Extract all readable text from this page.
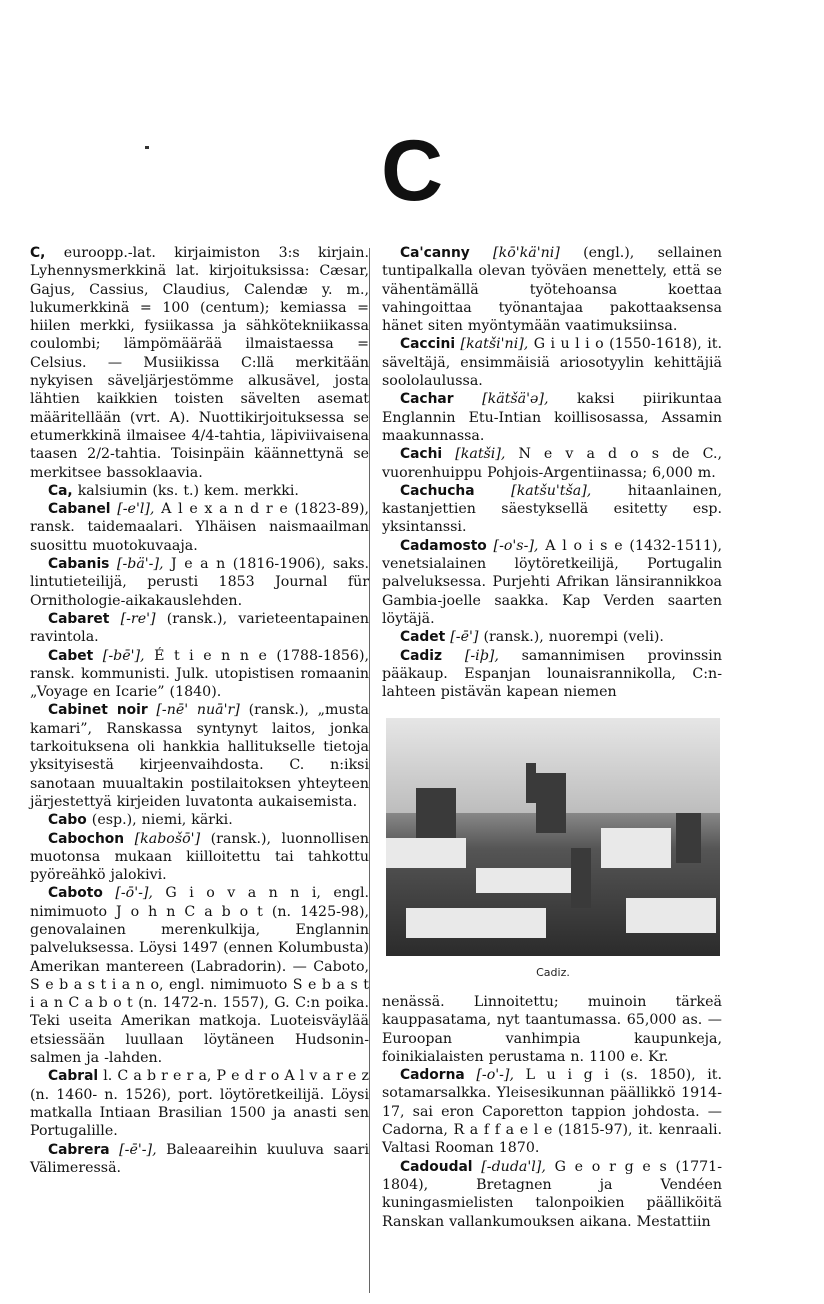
C

C, euroopp.-lat. kirjaimiston 3:s kirjain. Lyhennysmerkkinä lat. kirjoituksissa: Cæsar, Gajus, Cassius, Claudius, Calendæ y. m., lukumerkkinä = 100 (centum); kemiassa = hiilen merkki, fysiikassa ja sähkötekniikassa coulombi; lämpömäärää ilmaistaessa = Celsius. — Musiikissa C:llä merkitään nykyisen säveljärjestömme alkusävel, josta lähtien kaikkien toisten sävelten asemat määritellään (vrt. A). Nuottikirjoituksessa se etumerkkinä ilmaisee 4/4-tahtia, läpiviivaisena taasen 2/2-tahtia. Toisinpäin käännettynä se merkitsee bassoklaavia.

Ca, kalsiumin (ks. t.) kem. merkki.

Cabanel [-e'l], A l e x a n d r e (1823-89), ransk. taidemaalari. Ylhäisen naismaailman suosittu muotokuvaaja.

Cabanis [-bä'-], J e a n (1816-1906), saks. lintutieteilijä, perusti 1853 Journal für Ornithologie-aikakauslehden.

Cabaret [-re'] (ransk.), varieteentapainen ravintola.

Cabet [-bē'], É t i e n n e (1788-1856), ransk. kommunisti. Julk. utopistisen romaanin „Voyage en Icarie” (1840).

Cabinet noir [-nē' nuā'r] (ransk.), „musta kamari”, Ranskassa syntynyt laitos, jonka tarkoituksena oli hankkia hallitukselle tietoja yksityisestä kirjeenvaihdosta. C. n:iksi sanotaan muualtakin postilaitoksen yhteyteen järjestettyä kirjeiden luvatonta aukaisemista.

Cabo (esp.), niemi, kärki.

Cabochon [kabošō'] (ransk.), luonnollisen muotonsa mukaan kiilloitettu tai tahkottu pyöreähkö jalokivi.

Caboto [-ō'-], G i o v a n n i, engl. nimimuoto J o h n C a b o t (n. 1425-98), genovalainen merenkulkija, Englannin palveluksessa. Löysi 1497 (ennen Kolumbusta) Amerikan mantereen (Labradorin). — Caboto, S e b a s t i a n o, engl. nimimuoto S e b a s t i a n C a b o t (n. 1472-n. 1557), G. C:n poika. Teki useita Amerikan matkoja. Luoteisväylää etsiessään luullaan löytäneen Hudsonin-salmen ja -lahden.

Cabral l. C a b r e r a, P e d r o A l v a r e z (n. 1460- n. 1526), port. löytöretkeilijä. Löysi matkalla Intiaan Brasilian 1500 ja anasti sen Portugalille.

Cabrera [-ē'-], Baleaareihin kuuluva saari Välimeressä.

Ca'canny [kō'kä'ni] (engl.), sellainen tuntipalkalla olevan työväen menettely, että se vähentämällä työtehoansa koettaa vahingoittaa työnantajaa pakottaaksensa hänet siten myöntymään vaatimuksiinsa.

Caccini [katši'ni], G i u l i o (1550-1618), it. säveltäjä, ensimmäisiä ariosotyylin kehittäjiä soololaulussa.

Cachar [kätšä'ə], kaksi piirikuntaa Englannin Etu-Intian koillisosassa, Assamin maakunnassa.

Cachi [katši], N e v a d o s de C., vuorenhuippu Pohjois-Argentiinassa; 6,000 m.

Cachucha [katšu'tša], hitaanlainen, kastanjettien säestyksellä esitetty esp. yksintanssi.

Cadamosto [-o's-], A l o i s e (1432-1511), venetsialainen löytöretkeilijä, Portugalin palveluksessa. Purjehti Afrikan länsirannikkoa Gambia-joelle saakka. Kap Verden saarten löytäjä.

Cadet [-ē'] (ransk.), nuorempi (veli).

Cadiz [-iþ], samannimisen provinssin pääkaup. Espanjan lounaisrannikolla, C:n-lahteen pistävän kapean niemen

Cadiz.

nenässä. Linnoitettu; muinoin tärkeä kauppasatama, nyt taantumassa. 65,000 as. — Euroopan vanhimpia kaupunkeja, foinikialaisten perustama n. 1100 e. Kr.

Cadorna [-o'-], L u i g i (s. 1850), it. sotamarsalkka. Yleisesikunnan päällikkö 1914-17, sai eron Caporetton tappion johdosta. — Cadorna, R a f f a e l e (1815-97), it. kenraali. Valtasi Rooman 1870.

Cadoudal [-duda'l], G e o r g e s (1771-1804), Bretagnen ja Vendéen kuningasmielisten talonpoikien päälliköitä Ranskan vallankumouksen aikana. Mestattiin
